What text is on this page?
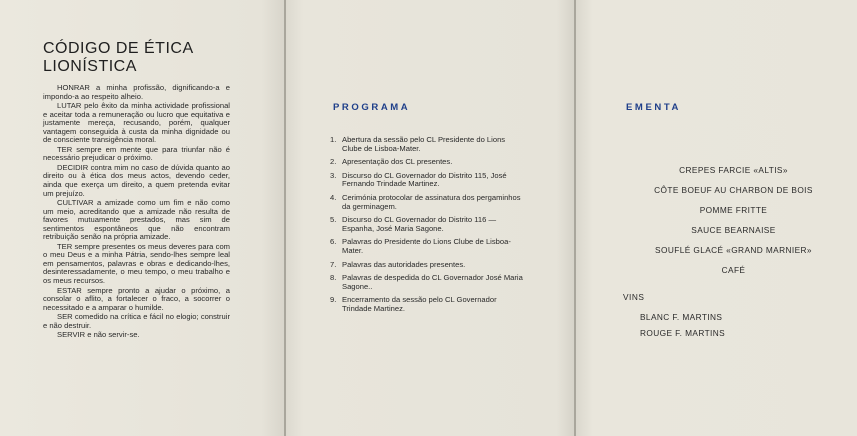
CÓDIGO DE ÉTICA
LIONÍSTICA

HONRAR a minha profissão, dignificando-a e impondo-a ao respeito alheio.

LUTAR pelo êxito da minha actividade profissional e aceitar toda a remuneração ou lucro que equitativa e justamente mereça, recusando, porém, qualquer vantagem conseguida à custa da minha dignidade ou de consciente transigência moral.

TER sempre em mente que para triunfar não é necessário prejudicar o próximo.

DECIDIR contra mim no caso de dúvida quanto ao direito ou à ética dos meus actos, devendo ceder, ainda que exerça um direito, a quem pretenda evitar um prejuízo.

CULTIVAR a amizade como um fim e não como um meio, acreditando que a amizade não resulta de favores mutuamente prestados, mas sim de sentimentos espontâneos que não encontram retribuição senão na própria amizade.

TER sempre presentes os meus deveres para com o meu Deus e a minha Pátria, sendo-lhes sempre leal em pensamentos, palavras e obras e dedicando-lhes, desinteressadamente, o meu tempo, o meu trabalho e os meus recursos.

ESTAR sempre pronto a ajudar o próximo, a consolar o aflito, a fortalecer o fraco, a socorrer o necessitado e a amparar o humilde.

SER comedido na crítica e fácil no elogio; construir e não destruir.

SERVIR e não servir-se.

PROGRAMA
1. Abertura da sessão pelo CL Presidente do Lions Clube de Lisboa-Mater.
2. Apresentação dos CL presentes.
3. Discurso do CL Governador do Distrito 115, José Fernando Trindade Martinez.
4. Cerimónia protocolar de assinatura dos pergaminhos da germinagem.
5. Discurso do CL Governador do Distrito 116 — Espanha, José Maria Sagone.
6. Palavras do Presidente do Lions Clube de Lisboa-Mater.
7. Palavras das autoridades presentes.
8. Palavras de despedida do CL Governador José Maria Sagone..
9. Encerramento da sessão pelo CL Governador Trindade Martinez.
EMENTA
CREPES FARCIE «ALTIS»
CÔTE BOEUF AU CHARBON DE BOIS
POMME FRITTE
SAUCE BEARNAISE
SOUFLÉ GLACÉ «GRAND MARNIER»
CAFÉ
VINS
BLANC F. MARTINS
ROUGE F. MARTINS
